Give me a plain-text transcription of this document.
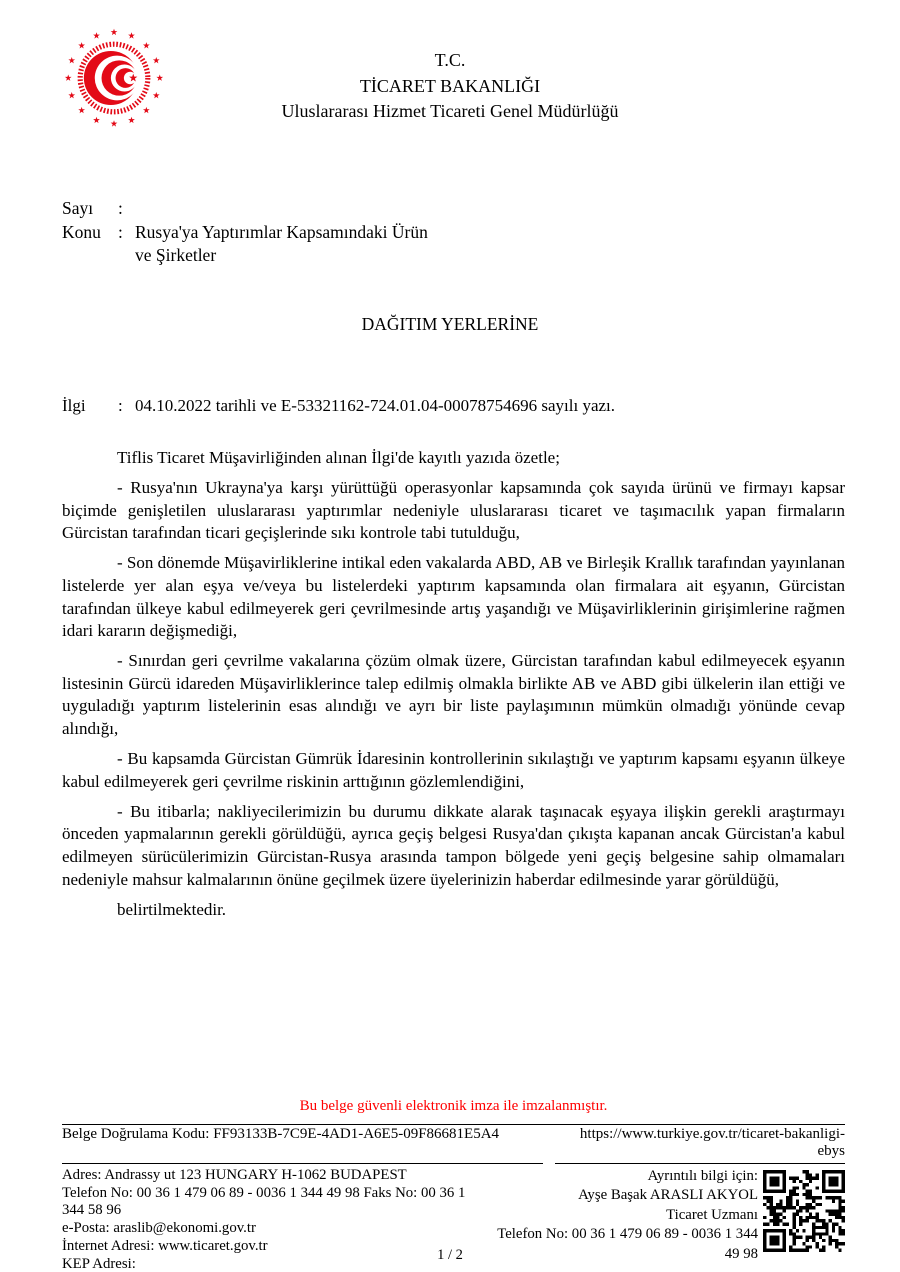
T.C.
TİCARET BAKANLIĞI
Uluslararası Hizmet Ticareti Genel Müdürlüğü
Sayı	:
Konu : Rusya'ya Yaptırımlar Kapsamındaki Ürün
ve Şirketler
DAĞITIM YERLERİNE
İlgi	: 04.10.2022 tarihli ve E-53321162-724.01.04-00078754696 sayılı yazı.

Tiflis Ticaret Müşavirliğinden alınan İlgi'de kayıtlı yazıda özetle;

- Rusya'nın Ukrayna'ya karşı yürüttüğü operasyonlar kapsamında çok sayıda ürünü ve firmayı kapsar biçimde genişletilen uluslararası yaptırımlar nedeniyle uluslararası ticaret ve taşımacılık yapan firmaların Gürcistan tarafından ticari geçişlerinde sıkı kontrole tabi tutulduğu,

- Son dönemde Müşavirliklerine intikal eden vakalarda ABD, AB ve Birleşik Krallık tarafından yayınlanan listelerde yer alan eşya ve/veya bu listelerdeki yaptırım kapsamında olan firmalara ait eşyanın, Gürcistan tarafından ülkeye kabul edilmeyerek geri çevrilmesinde artış yaşandığı ve Müşavirliklerinin girişimlerine rağmen idari kararın değişmediği,

- Sınırdan geri çevrilme vakalarına çözüm olmak üzere, Gürcistan tarafından kabul edilmeyecek eşyanın listesinin Gürcü idareden Müşavirliklerince talep edilmiş olmakla birlikte AB ve ABD gibi ülkelerin ilan ettiği ve uyguladığı yaptırım listelerinin esas alındığı ve ayrı bir liste paylaşımının mümkün olmadığı yönünde cevap alındığı,

- Bu kapsamda Gürcistan Gümrük İdaresinin kontrollerinin sıkılaştığı ve yaptırım kapsamı eşyanın ülkeye kabul edilmeyerek geri çevrilme riskinin arttığının gözlemlendiğini,

- Bu itibarla; nakliyecilerimizin bu durumu dikkate alarak taşınacak eşyaya ilişkin gerekli araştırmayı önceden yapmalarının gerekli görüldüğü, ayrıca geçiş belgesi Rusya'dan çıkışta kapanan ancak Gürcistan'a kabul edilmeyen sürücülerimizin Gürcistan-Rusya arasında tampon bölgede yeni geçiş belgesine sahip olmamaları nedeniyle mahsur kalmalarının önüne geçilmek üzere üyelerinizin haberdar edilmesinde yarar görüldüğü,

belirtilmektedir.

Bu belge güvenli elektronik imza ile imzalanmıştır.
Belge Doğrulama Kodu: FF93133B-7C9E-4AD1-A6E5-09F86681E5A4	https://www.turkiye.gov.tr/ticaret-bakanligi-ebys
Adres: Andrassy ut 123 HUNGARY H-1062 BUDAPEST
Telefon No: 00 36 1 479 06 89 - 0036 1 344 49 98 Faks No: 00 36 1 344 58 96
e-Posta: araslib@ekonomi.gov.tr
İnternet Adresi: www.ticaret.gov.tr
KEP Adresi:
Ayrıntılı bilgi için:
Ayşe Başak ARASLI AKYOL
Ticaret Uzmanı
Telefon No: 00 36 1 479 06 89 - 0036 1 344 49 98
1 / 2
